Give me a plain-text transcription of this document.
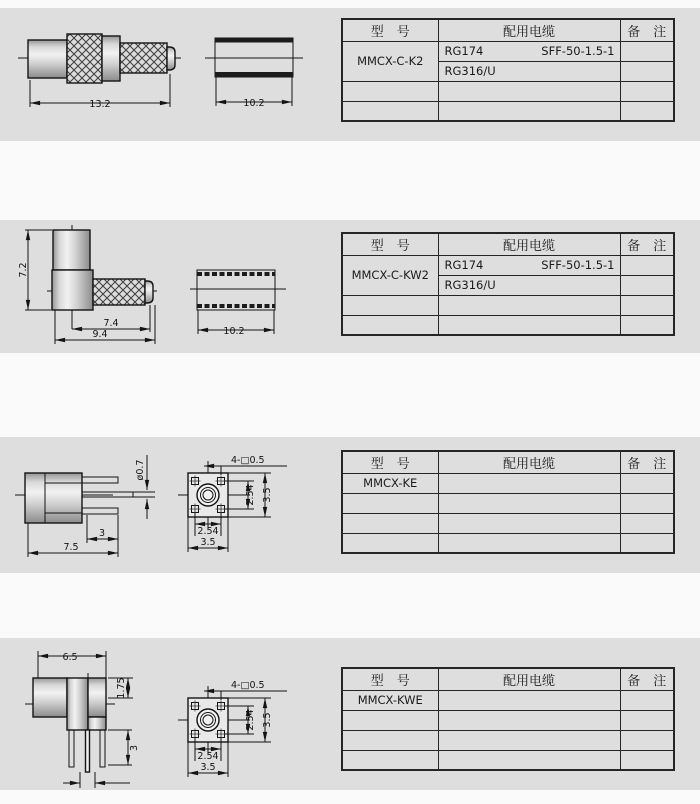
13.2	10.2
7.2
7.4
9.4	10.2
ø0.7
3
7.5
4-□0.5
2.54 3.5
2.54
3.5
6.5
1.75
3
4-□0.5
2.54 3.5
2.54
3.5
型　号	配用电缆	备　注
MMCX-C-K2	RG174 SFF-50-1.5-1	

	RG316/U	

型　号	配用电缆	备　注
MMCX-C-KW2	RG174 SFF-50-1.5-1	

	RG316/U	

型　号	配用电缆	备　注
MMCX-KE		

型　号	配用电缆	备　注
MMCX-KWE		
